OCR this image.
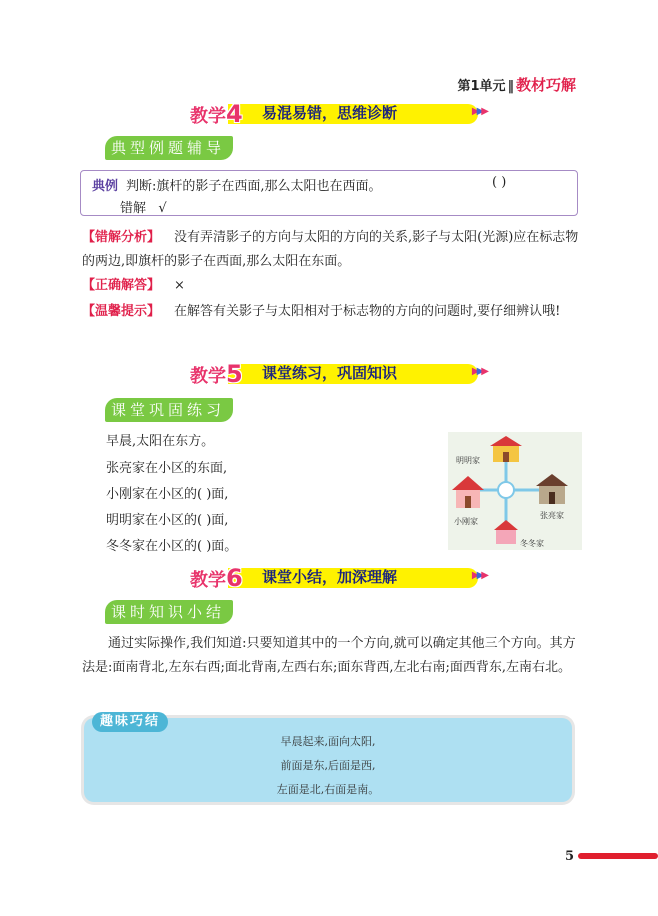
第1单元 ‖ 教材巧解
教学4 易混易错，思维诊断	▶▶▶
典型例题辅导
典例 判断:旗杆的影子在西面,那么太阳也在西面。	( )
错解 √
【错解分析】 没有弄清影子的方向与太阳的方向的关系,影子与太阳(光源)应在标志物的两边,即旗杆的影子在西面,那么太阳在东面。
【正确解答】 ×
【温馨提示】 在解答有关影子与太阳相对于标志物的方向的问题时,要仔细辨认哦!
教学5 课堂练习，巩固知识	▶▶▶
课堂巩固练习
早晨,太阳在东方。
张亮家在小区的东面,
小刚家在小区的( )面,
明明家在小区的( )面,
冬冬家在小区的( )面。
明明家
小刚家
张亮家
冬冬家
教学6 课堂小结，加深理解	▶▶▶
课时知识小结
通过实际操作,我们知道:只要知道其中的一个方向,就可以确定其他三个方向。其方法是:面南背北,左东右西;面北背南,左西右东;面东背西,左北右南;面西背东,左南右北。
趣味巧结
早晨起来,面向太阳,
前面是东,后面是西,
左面是北,右面是南。
5
